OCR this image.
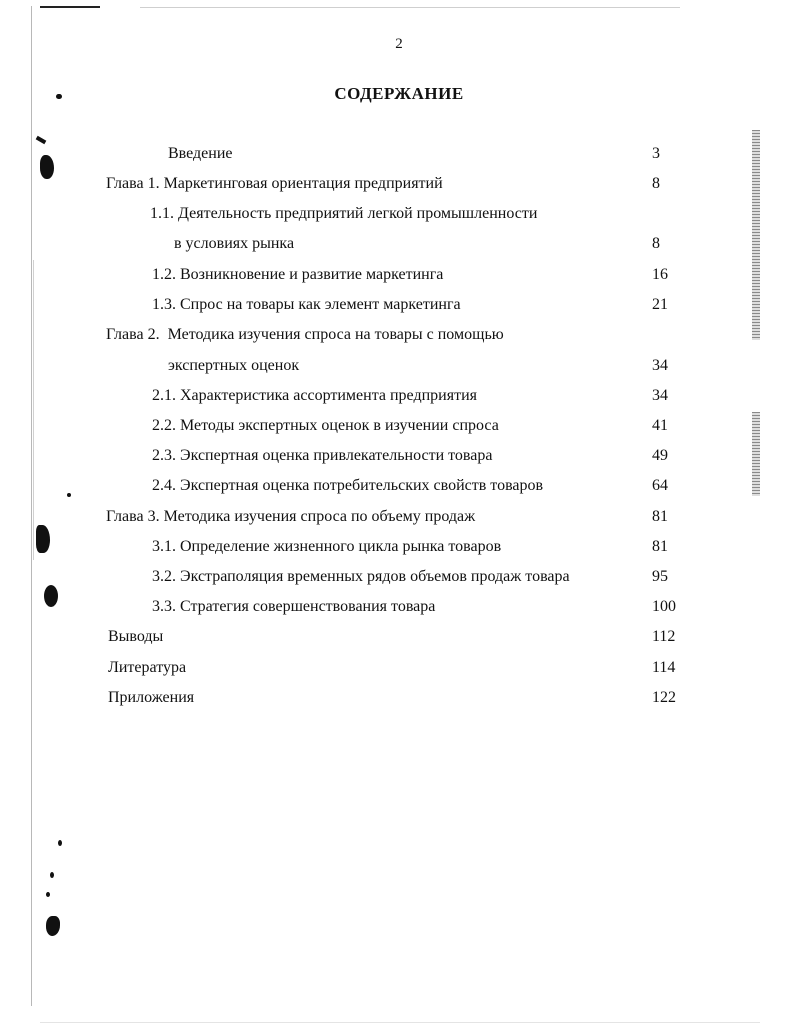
2
СОДЕРЖАНИЕ
Введение	3
Глава 1. Маркетинговая ориентация предприятий	8
1.1. Деятельность предприятий легкой промышленности
в условиях рынка	8
1.2. Возникновение и развитие маркетинга	16
1.3. Спрос на товары как элемент маркетинга	21
Глава 2.  Методика изучения спроса на товары с помощью
экспертных оценок	34
2.1. Характеристика ассортимента предприятия	34
2.2. Методы экспертных оценок в изучении спроса	41
2.3. Экспертная оценка привлекательности товара	49
2.4. Экспертная оценка потребительских свойств товаров	64
Глава 3. Методика изучения спроса по объему продаж	81
3.1. Определение жизненного цикла рынка товаров	81
3.2. Экстраполяция временных рядов объемов продаж товара	95
3.3. Стратегия совершенствования товара	100
Выводы	112
Литература	114
Приложения	122
